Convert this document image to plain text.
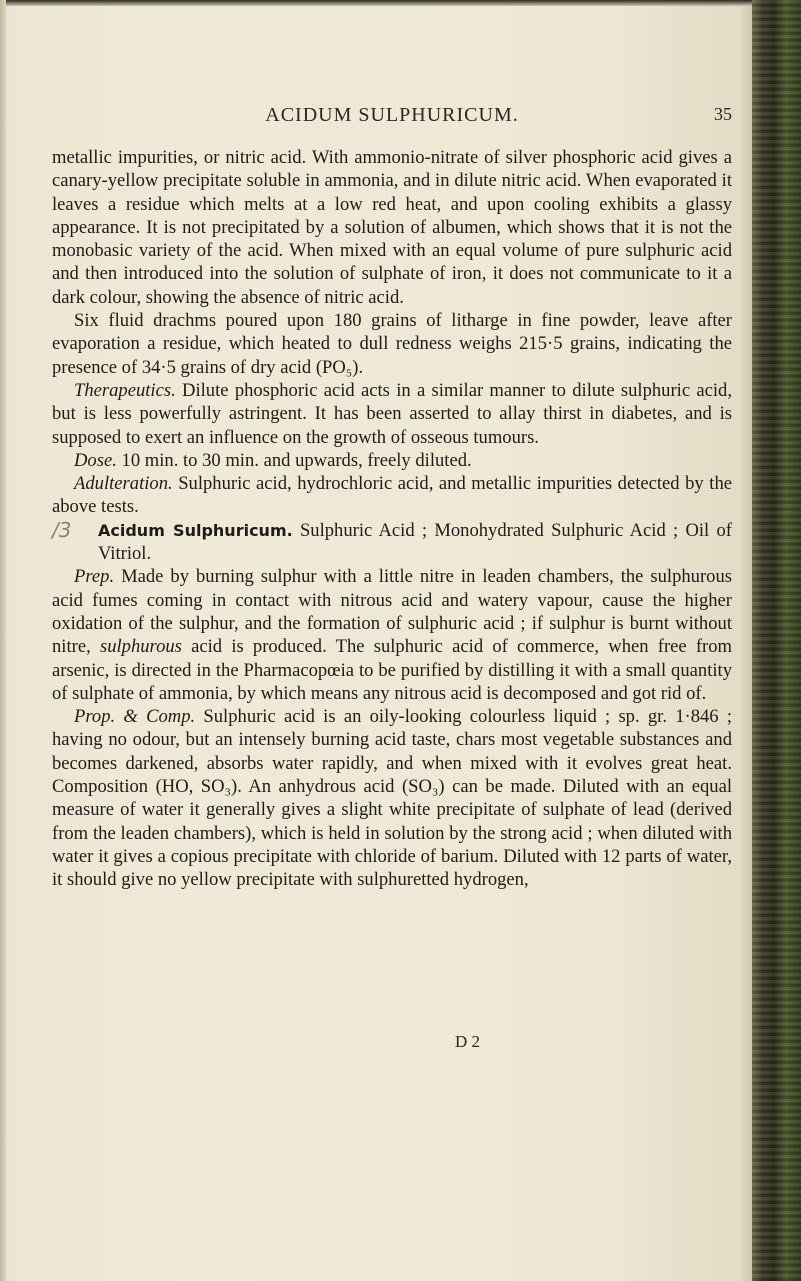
ACIDUM SULPHURICUM.	35

metallic impurities, or nitric acid. With ammonio-nitrate of silver phosphoric acid gives a canary-yellow precipitate soluble in ammonia, and in dilute nitric acid. When evaporated it leaves a residue which melts at a low red heat, and upon cooling exhibits a glassy appearance. It is not precipitated by a solution of albumen, which shows that it is not the monobasic variety of the acid. When mixed with an equal volume of pure sulphuric acid and then introduced into the solution of sulphate of iron, it does not communicate to it a dark colour, showing the absence of nitric acid.

Six fluid drachms poured upon 180 grains of litharge in fine powder, leave after evaporation a residue, which heated to dull redness weighs 215·5 grains, indicating the presence of 34·5 grains of dry acid (PO₅).

Therapeutics. Dilute phosphoric acid acts in a similar manner to dilute sulphuric acid, but is less powerfully astringent. It has been asserted to allay thirst in diabetes, and is supposed to exert an influence on the growth of osseous tumours.

Dose. 10 min. to 30 min. and upwards, freely diluted.

Adulteration. Sulphuric acid, hydrochloric acid, and metallic impurities detected by the above tests.

/3	Acidum Sulphuricum. Sulphuric Acid ; Monohydrated Sulphuric Acid ; Oil of Vitriol.

Prep. Made by burning sulphur with a little nitre in leaden chambers, the sulphurous acid fumes coming in contact with nitrous acid and watery vapour, cause the higher oxidation of the sulphur, and the formation of sulphuric acid ; if sulphur is burnt without nitre, sulphurous acid is produced. The sulphuric acid of commerce, when free from arsenic, is directed in the Pharmacopœia to be purified by distilling it with a small quantity of sulphate of ammonia, by which means any nitrous acid is decomposed and got rid of.

Prop. & Comp. Sulphuric acid is an oily-looking colourless liquid ; sp. gr. 1·846 ; having no odour, but an intensely burning acid taste, chars most vegetable substances and becomes darkened, absorbs water rapidly, and when mixed with it evolves great heat. Composition (HO, SO₃). An anhydrous acid (SO₃) can be made. Diluted with an equal measure of water it generally gives a slight white precipitate of sulphate of lead (derived from the leaden chambers), which is held in solution by the strong acid ; when diluted with water it gives a copious precipitate with chloride of barium. Diluted with 12 parts of water, it should give no yellow precipitate with sulphuretted hydrogen,

D 2
